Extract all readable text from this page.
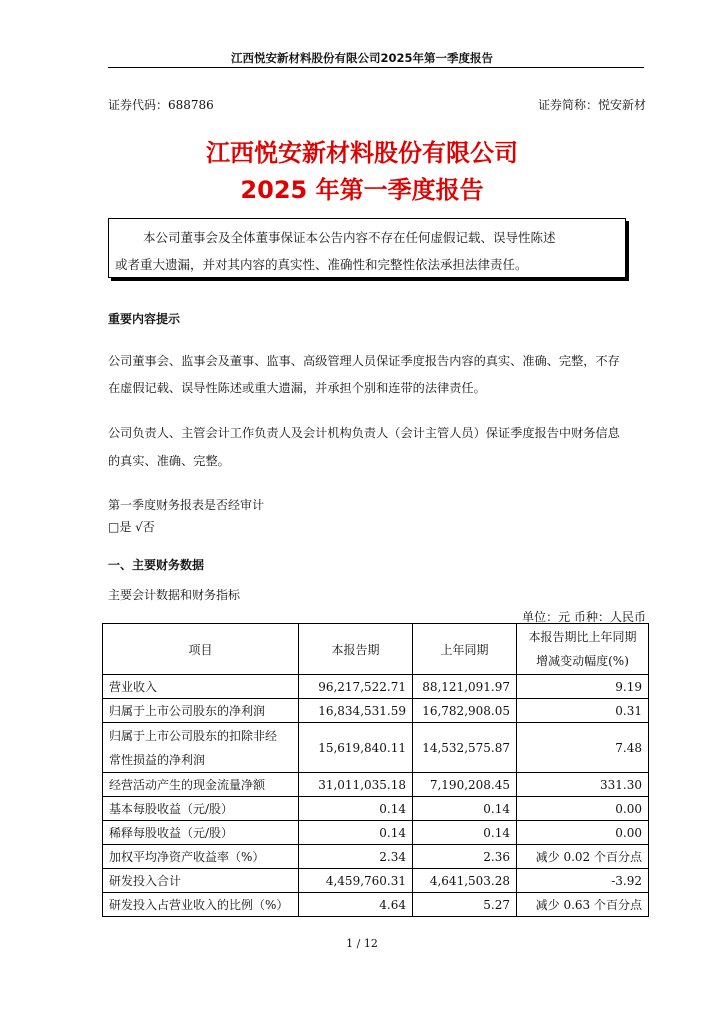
江西悦安新材料股份有限公司2025年第一季度报告
证券代码：688786	证券简称：悦安新材
江西悦安新材料股份有限公司
2025 年第一季度报告
本公司董事会及全体董事保证本公告内容不存在任何虚假记载、误导性陈述
或者重大遗漏，并对其内容的真实性、准确性和完整性依法承担法律责任。
重要内容提示
公司董事会、监事会及董事、监事、高级管理人员保证季度报告内容的真实、准确、完整，不存
在虚假记载、误导性陈述或重大遗漏，并承担个别和连带的法律责任。
公司负责人、主管会计工作负责人及会计机构负责人（会计主管人员）保证季度报告中财务信息
的真实、准确、完整。
第一季度财务报表是否经审计
□是 √否
一、主要财务数据
主要会计数据和财务指标
单位：元 币种：人民币
项目	本报告期	上年同期	本报告期比上年同期
增减变动幅度(%)

营业收入	96,217,522.71	88,121,091.97	9.19
归属于上市公司股东的净利润	16,834,531.59	16,782,908.05	0.31

归属于上市公司股东的扣除非经
常性损益的净利润	15,619,840.11	14,532,575.87	7.48
经营活动产生的现金流量净额	31,011,035.18	7,190,208.45	331.30
基本每股收益（元/股）	0.14	0.14	0.00
稀释每股收益（元/股）	0.14	0.14	0.00
加权平均净资产收益率（%）	2.34	2.36	减少 0.02 个百分点
研发投入合计	4,459,760.31	4,641,503.28	-3.92
研发投入占营业收入的比例（%）	4.64	5.27	减少 0.63 个百分点
1 / 12
